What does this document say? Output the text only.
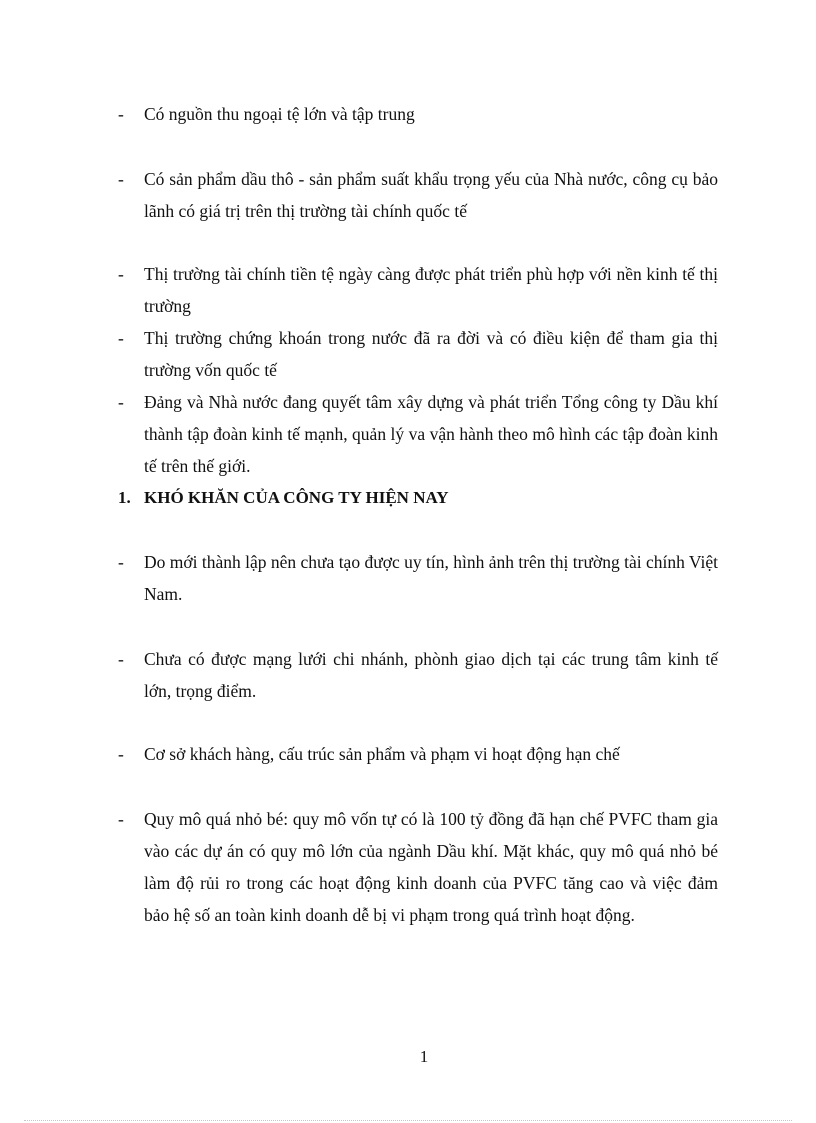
-	Có nguồn thu ngoại tệ lớn và tập trung
-	Có sản phẩm dầu thô - sản phẩm suất khẩu trọng yếu của Nhà nước, công cụ bảo lãnh có giá trị trên thị trường tài chính quốc tế
-	Thị trường tài chính tiền tệ ngày càng được phát triển phù hợp với nền kinh tế thị trường
-	Thị trường chứng khoán trong nước đã ra đời và có điều kiện để tham gia thị trường vốn quốc tế
-	Đảng và Nhà nước đang quyết tâm xây dựng và phát triển Tổng công ty Dầu khí thành tập đoàn kinh tế mạnh, quản lý va vận hành theo mô hình các tập đoàn kinh tế trên thế giới.
1. KHÓ KHĂN CỦA CÔNG TY HIỆN NAY
-	Do mới thành lập nên chưa tạo được uy tín, hình ảnh trên thị trường tài chính Việt Nam.
-	Chưa có được mạng lưới chi nhánh, phònh giao dịch tại các trung tâm kinh tế lớn, trọng điểm.
-	Cơ sở khách hàng, cấu trúc sản phẩm và phạm vi hoạt động hạn chế
-	Quy mô quá nhỏ bé: quy mô vốn tự có là 100 tỷ đồng đã hạn chế PVFC tham gia vào các dự án có quy mô lớn của ngành Dầu khí. Mặt khác, quy mô quá nhỏ bé làm độ rủi ro trong các hoạt động kinh doanh của PVFC tăng cao và việc đảm bảo hệ số an toàn kinh doanh dễ bị vi phạm trong quá trình hoạt động.
1
